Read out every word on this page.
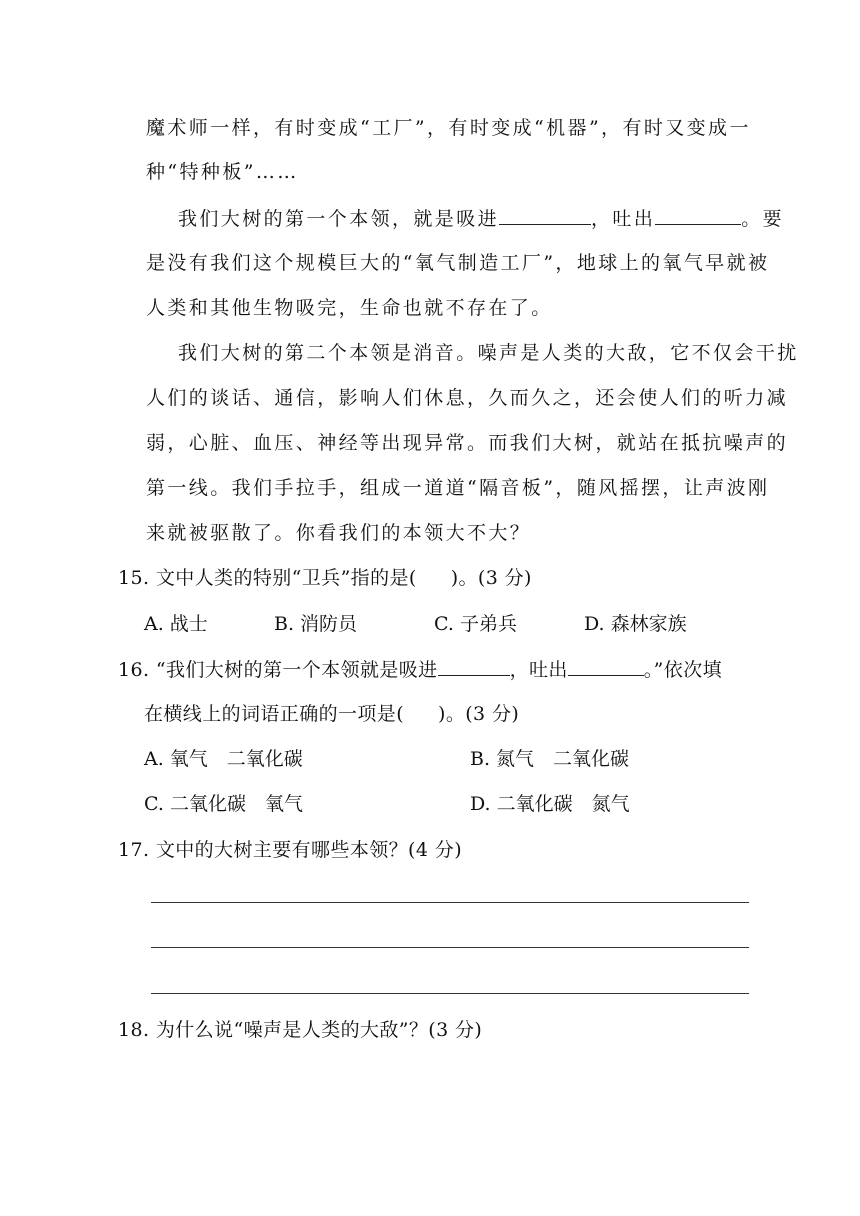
魔术师一样，有时变成“工厂”，有时变成“机器”，有时又变成一
种“特种板”……
我们大树的第一个本领，就是吸进	，吐出	。要
是没有我们这个规模巨大的“氧气制造工厂”，地球上的氧气早就被
人类和其他生物吸完，生命也就不存在了。
我们大树的第二个本领是消音。噪声是人类的大敌，它不仅会干扰
人们的谈话、通信，影响人们休息，久而久之，还会使人们的听力减
弱，心脏、血压、神经等出现异常。而我们大树，就站在抵抗噪声的
第一线。我们手拉手，组成一道道“隔音板”，随风摇摆，让声波刚
来就被驱散了。你看我们的本领大不大？
15. 文中人类的特别“卫兵”指的是( )。(3 分)
A. 战士	B. 消防员	C. 子弟兵	D. 森林家族
16. “我们大树的第一个本领就是吸进	，吐出	。”依次填
在横线上的词语正确的一项是( )。(3 分)
A. 氧气　二氧化碳	B. 氮气　二氧化碳
C. 二氧化碳　氧气	D. 二氧化碳　氮气
17. 文中的大树主要有哪些本领？(4 分)
18. 为什么说“噪声是人类的大敌”？(3 分)
